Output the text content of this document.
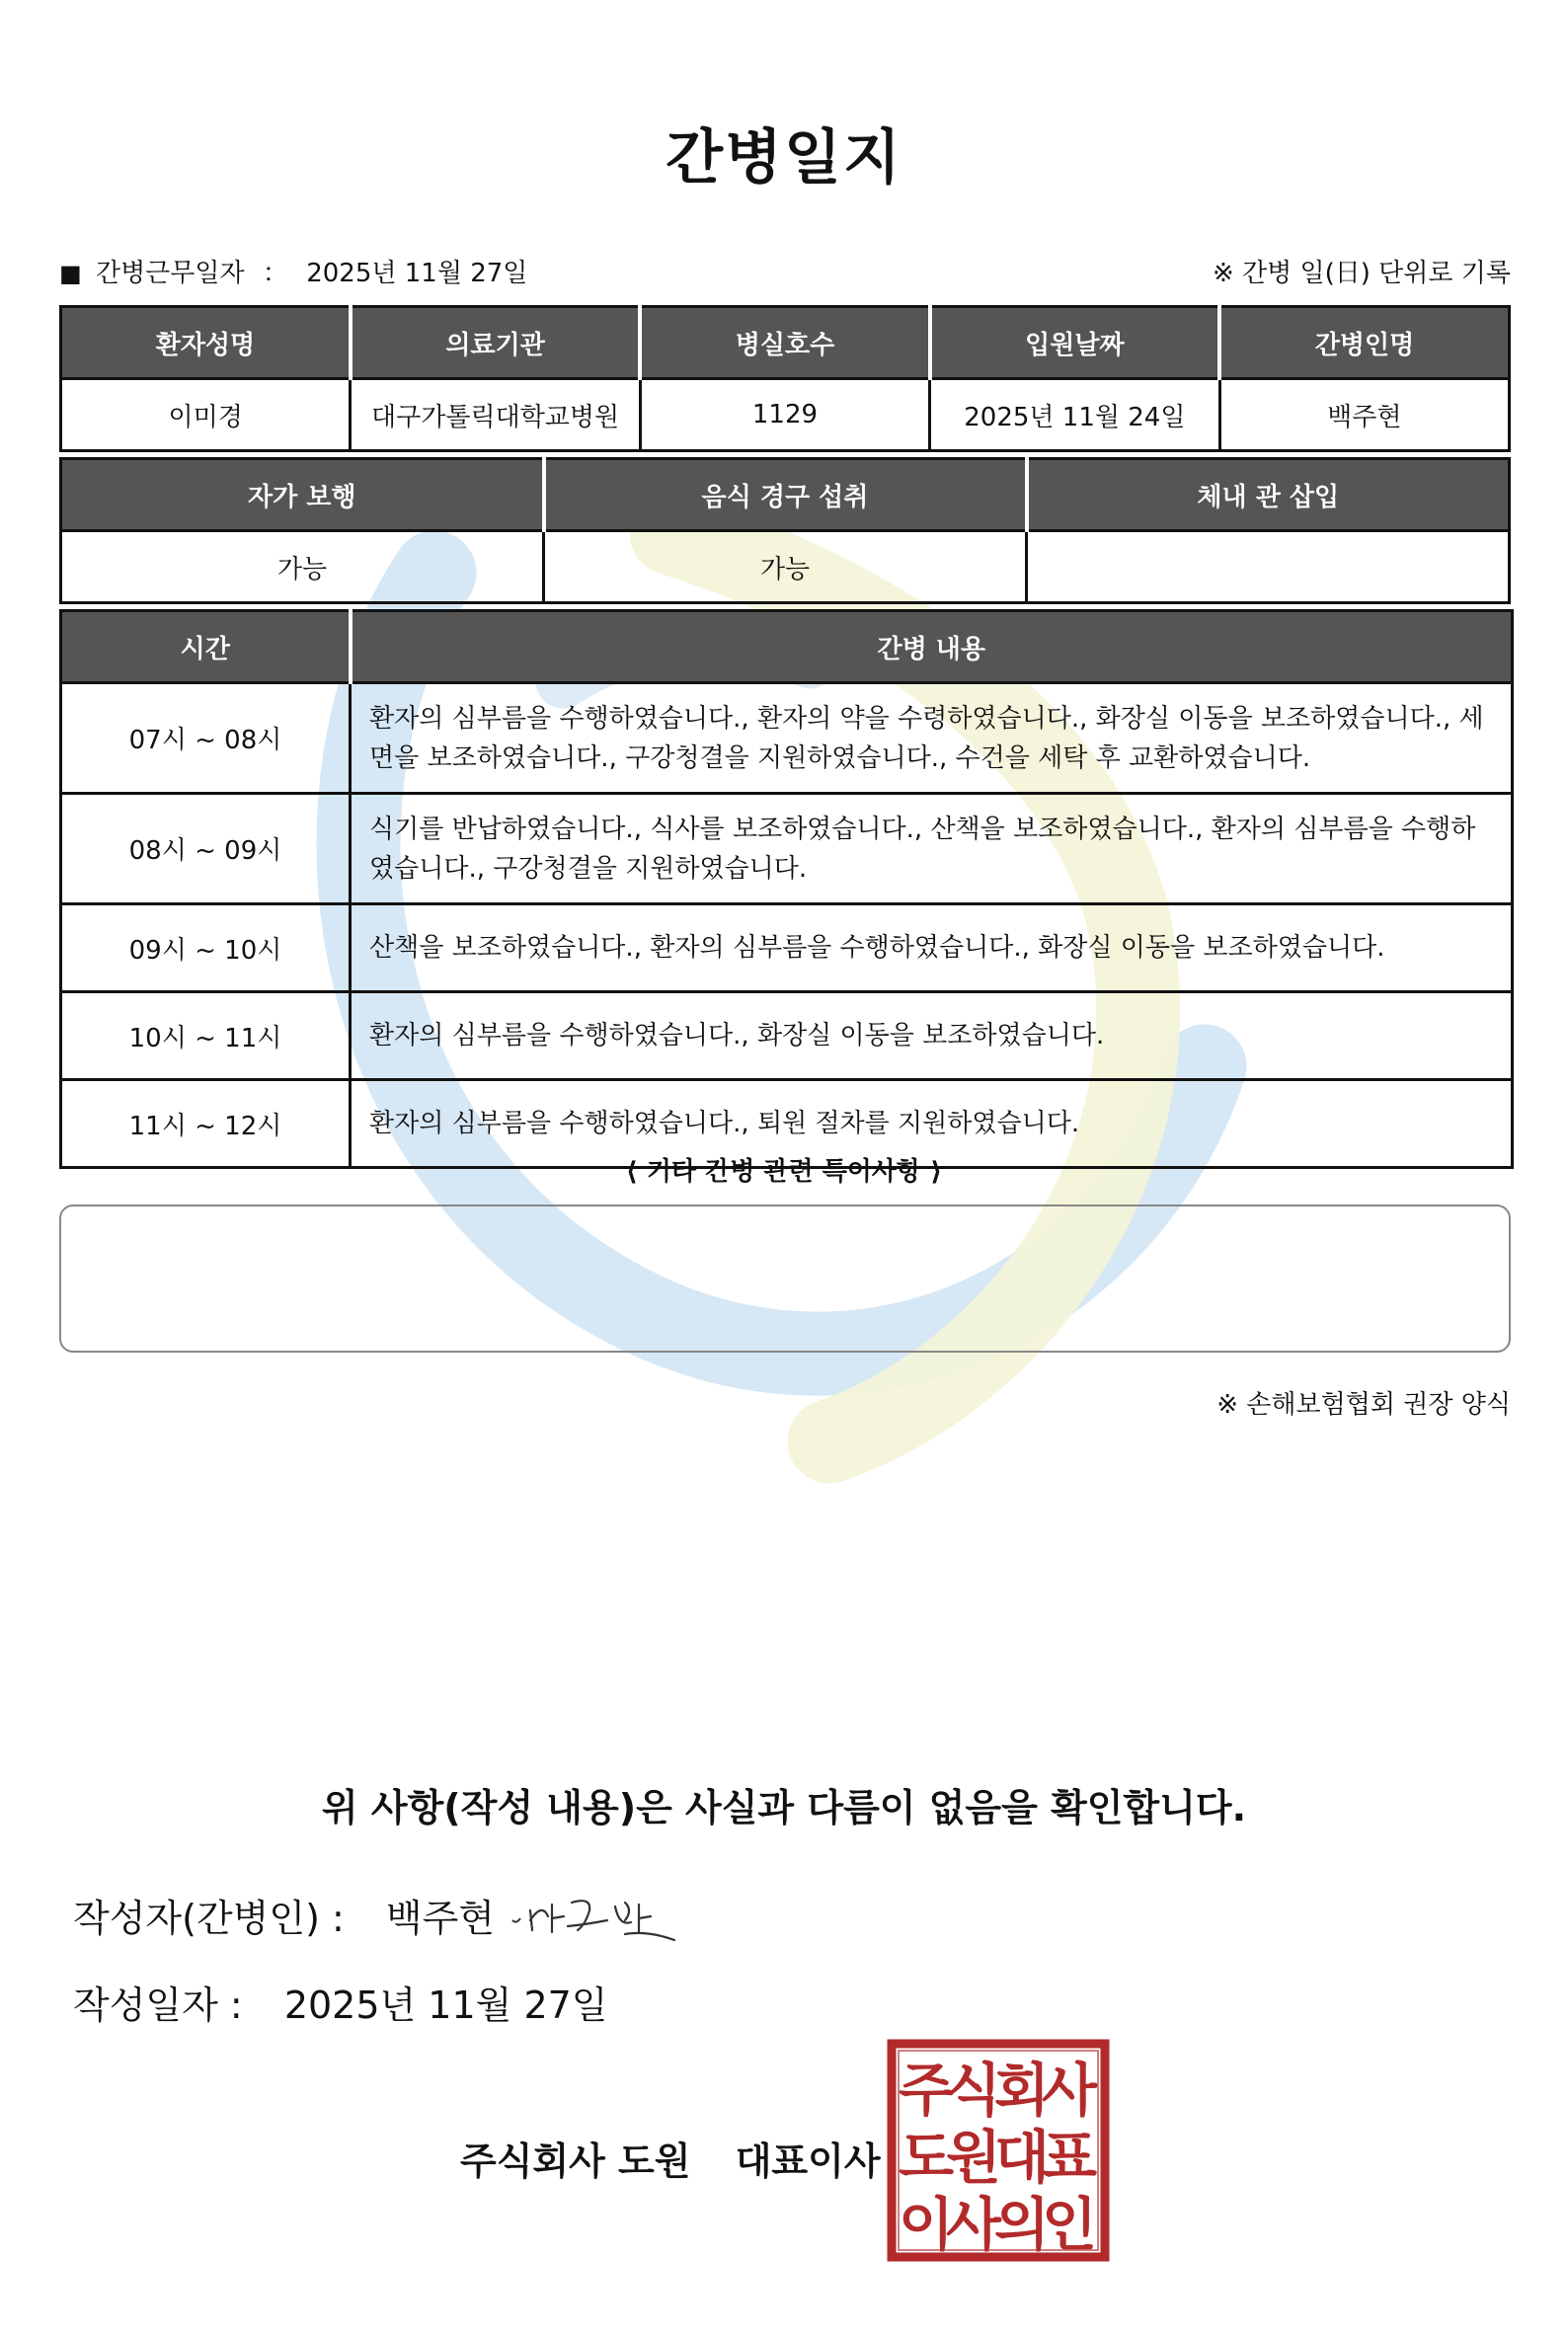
간병일지
■ 간병근무일자 ： 2025년 11월 27일	※ 간병 일(日) 단위로 기록
환자성명	의료기관	병실호수	입원날짜	간병인명
이미경	대구가톨릭대학교병원	1129	2025년 11월 24일	백주현
자가 보행	음식 경구 섭취	체내 관 삽입
가능	가능	
시간	간병 내용
07시 ~ 08시	환자의 심부름을 수행하였습니다., 환자의 약을 수령하였습니다., 화장실 이동을 보조하였습니다., 세면을 보조하였습니다., 구강청결을 지원하였습니다., 수건을 세탁 후 교환하였습니다.
08시 ~ 09시	식기를 반납하였습니다., 식사를 보조하였습니다., 산책을 보조하였습니다., 환자의 심부름을 수행하였습니다., 구강청결을 지원하였습니다.
09시 ~ 10시	산책을 보조하였습니다., 환자의 심부름을 수행하였습니다., 화장실 이동을 보조하였습니다.
10시 ~ 11시	환자의 심부름을 수행하였습니다., 화장실 이동을 보조하였습니다.
11시 ~ 12시	환자의 심부름을 수행하였습니다., 퇴원 절차를 지원하였습니다.
⟨ 기타 간병 관련 특이사항 ⟩
※ 손해보험협회 권장 양식
위 사항(작성 내용)은 사실과 다름이 없음을 확인합니다.
작성자(간병인) : 백주현
작성일자 : 2025년 11월 27일
주식회사 도원 대표이사
주
식
회
사
도
원
대
표
이
사
의
인
